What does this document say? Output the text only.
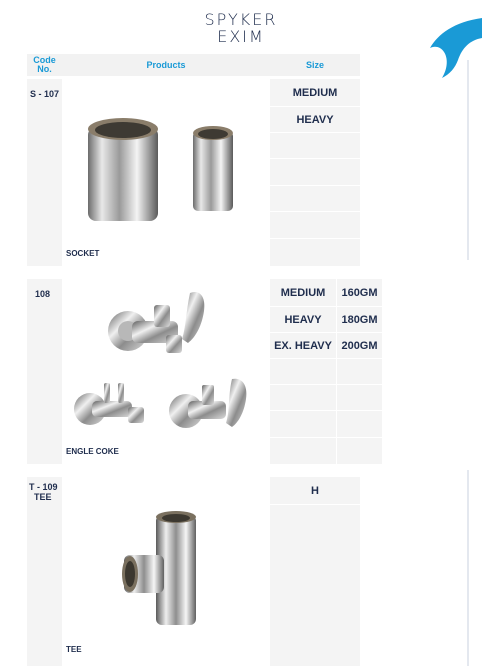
SPYKER
EXIM
Code No.	Products	Size
S - 107
SOCKET
MEDIUM
HEAVY
108
ENGLE COKE
MEDIUM
HEAVY
EX. HEAVY
160GM
180GM
200GM
T - 109
TEE
TEE
H
